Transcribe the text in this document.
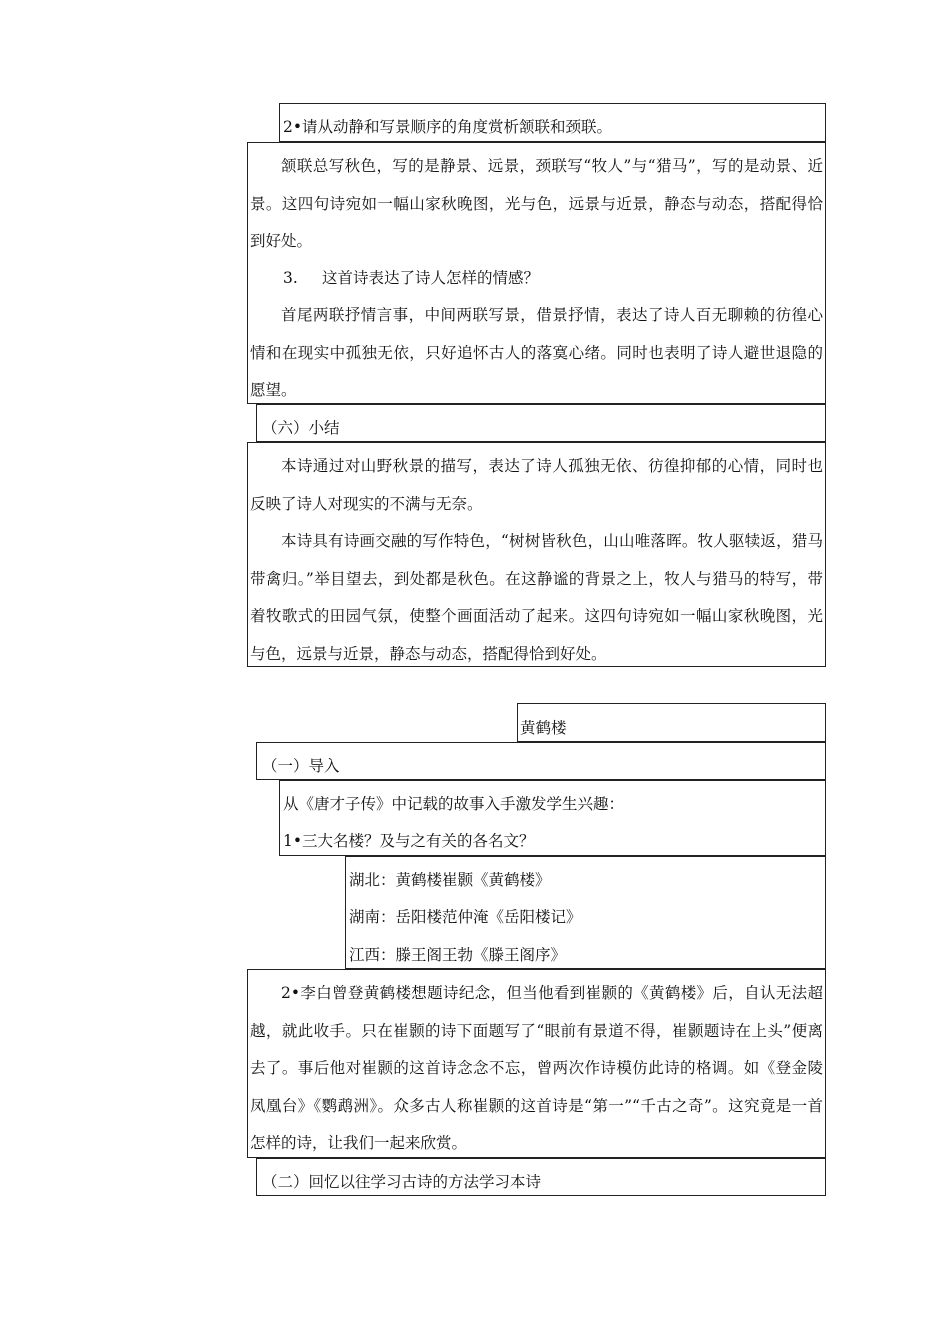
2•请从动静和写景顺序的角度赏析颔联和颈联。
颔联总写秋色，写的是静景、远景，颈联写“牧人”与“猎马”，写的是动景、近景。这四句诗宛如一幅山家秋晚图，光与色，远景与近景，静态与动态，搭配得恰到好处。
3. 这首诗表达了诗人怎样的情感？
首尾两联抒情言事，中间两联写景，借景抒情，表达了诗人百无聊赖的彷徨心情和在现实中孤独无依，只好追怀古人的落寞心绪。同时也表明了诗人避世退隐的愿望。
（六）小结
本诗通过对山野秋景的描写，表达了诗人孤独无依、彷徨抑郁的心情，同时也反映了诗人对现实的不满与无奈。
本诗具有诗画交融的写作特色，“树树皆秋色，山山唯落晖。牧人驱犊返，猎马带禽归。”举目望去，到处都是秋色。在这静谧的背景之上，牧人与猎马的特写，带着牧歌式的田园气氛，使整个画面活动了起来。这四句诗宛如一幅山家秋晚图，光与色，远景与近景，静态与动态，搭配得恰到好处。
黄鹤楼
（一）导入
从《唐才子传》中记载的故事入手激发学生兴趣：
1•三大名楼？及与之有关的各名文？
湖北：黄鹤楼崔颢《黄鹤楼》
湖南：岳阳楼范仲淹《岳阳楼记》
江西：滕王阁王勃《滕王阁序》
2•李白曾登黄鹤楼想题诗纪念，但当他看到崔颢的《黄鹤楼》后，自认无法超越，就此收手。只在崔颢的诗下面题写了“眼前有景道不得，崔颢题诗在上头”便离去了。事后他对崔颢的这首诗念念不忘，曾两次作诗模仿此诗的格调。如《登金陵凤凰台》《鹦鹉洲》。众多古人称崔颢的这首诗是“第一”“千古之奇”。这究竟是一首怎样的诗，让我们一起来欣赏。
（二）回忆以往学习古诗的方法学习本诗
